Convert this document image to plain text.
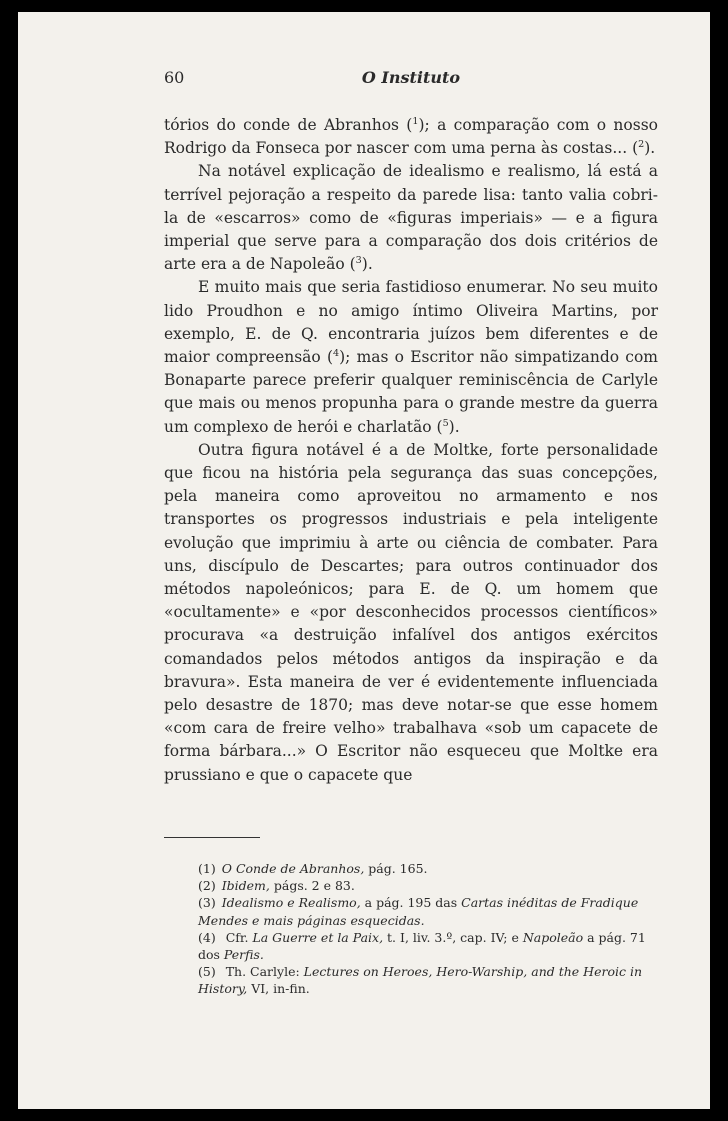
60	O Instituto

tórios do conde de Abranhos ($^1$); a comparação com o nosso Rodrigo da Fonseca por nascer com uma perna às costas... ($^2$).

Na notável explicação de idealismo e realismo, lá está a terrível pejoração a respeito da parede lisa: tanto valia cobri-la de «escarros» como de «figuras imperiais» — e a figura imperial que serve para a comparação dos dois critérios de arte era a de Napoleão ($^3$).

E muito mais que seria fastidioso enumerar. No seu muito lido Proudhon e no amigo íntimo Oliveira Martins, por exemplo, E. de Q. encontraria juízos bem diferentes e de maior compreensão ($^4$); mas o Escritor não simpatizando com Bonaparte parece preferir qualquer reminiscência de Carlyle que mais ou menos propunha para o grande mestre da guerra um complexo de herói e charlatão ($^5$).

Outra figura notável é a de Moltke, forte personalidade que ficou na história pela segurança das suas concepções, pela maneira como aproveitou no armamento e nos transportes os progressos industriais e pela inteligente evolução que imprimiu à arte ou ciência de combater. Para uns, discípulo de Descartes; para outros continuador dos métodos napoleónicos; para E. de Q. um homem que «ocultamente» e «por desconhecidos processos científicos» procurava «a destruição infalível dos antigos exércitos comandados pelos métodos antigos da inspiração e da bravura». Esta maneira de ver é evidentemente influenciada pelo desastre de 1870; mas deve notar-se que esse homem «com cara de freire velho» trabalhava «sob um capacete de forma bárbara...» O Escritor não esqueceu que Moltke era prussiano e que o capacete que

(1) O Conde de Abranhos, pág. 165.

(2) Ibidem, págs. 2 e 83.

(3) Idealismo e Realismo, a pág. 195 das Cartas inéditas de Fradique Mendes e mais páginas esquecidas.

(4) Cfr. La Guerre et la Paix, t. I, liv. 3.º, cap. IV; e Napoleão a pág. 71 dos Perfis.

(5) Th. Carlyle: Lectures on Heroes, Hero-Warship, and the Heroic in History, VI, in-fin.
